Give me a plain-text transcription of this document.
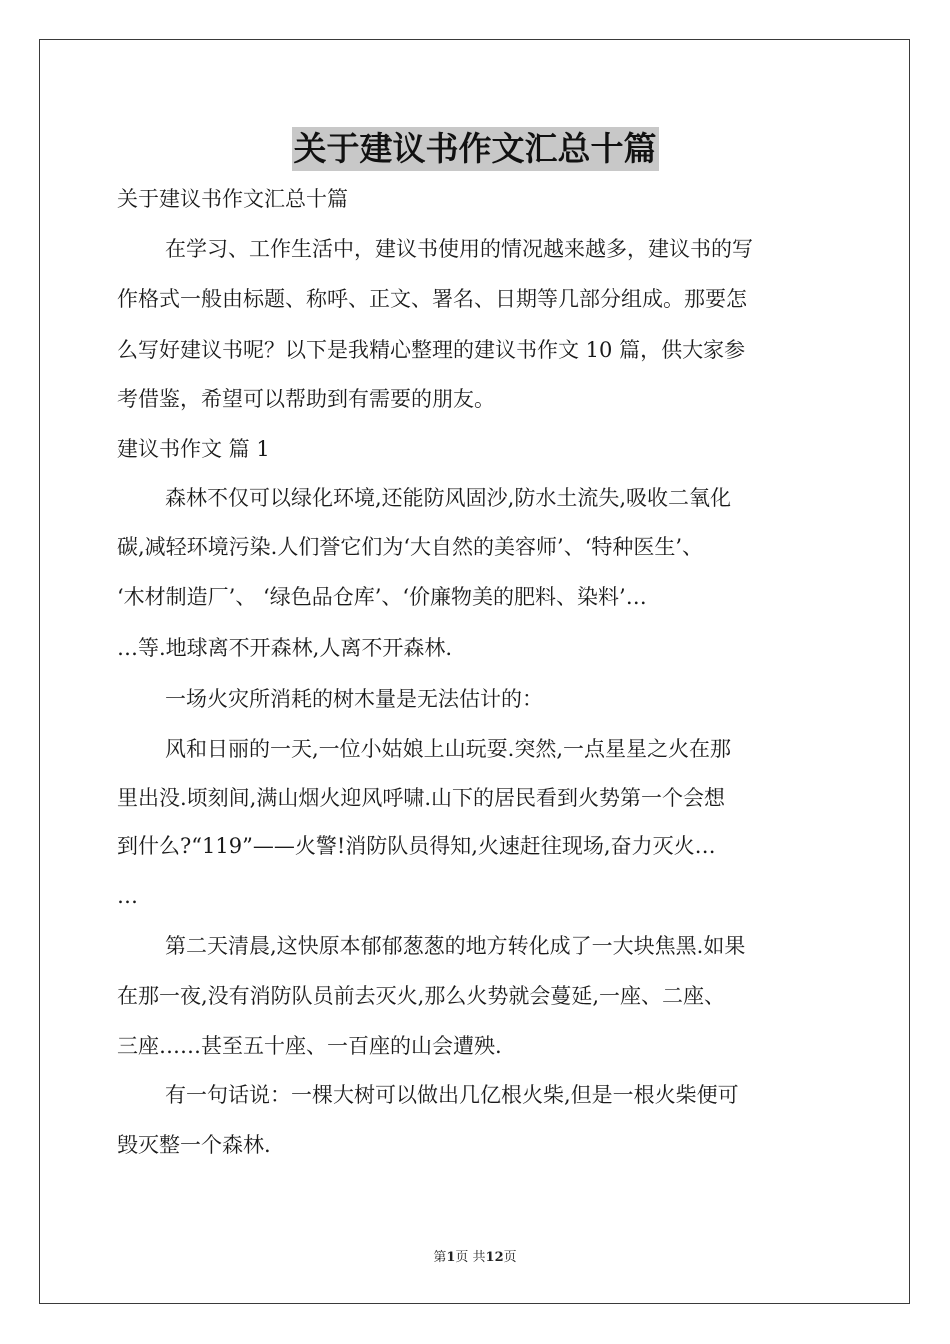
关于建议书作文汇总十篇
关于建议书作文汇总十篇
在学习、工作生活中，建议书使用的情况越来越多，建议书的写
作格式一般由标题、称呼、正文、署名、日期等几部分组成。那要怎
么写好建议书呢？以下是我精心整理的建议书作文 10 篇，供大家参
考借鉴，希望可以帮助到有需要的朋友。
建议书作文 篇 1
森林不仅可以绿化环境,还能防风固沙,防水土流失,吸收二氧化
碳,减轻环境污染.人们誉它们为‘大自然的美容师’、‘特种医生’、
‘木材制造厂’、 ‘绿色品仓库’、‘价廉物美的肥料、染料’…
…等.地球离不开森林,人离不开森林.
一场火灾所消耗的树木量是无法估计的：
风和日丽的一天,一位小姑娘上山玩耍.突然,一点星星之火在那
里出没.顷刻间,满山烟火迎风呼啸.山下的居民看到火势第一个会想
到什么?“119”——火警!消防队员得知,火速赶往现场,奋力灭火…
…
第二天清晨,这快原本郁郁葱葱的地方转化成了一大块焦黑.如果
在那一夜,没有消防队员前去灭火,那么火势就会蔓延,一座、二座、
三座……甚至五十座、一百座的山会遭殃.
有一句话说：一棵大树可以做出几亿根火柴,但是一根火柴便可
毁灭整一个森林.
第1页 共12页
